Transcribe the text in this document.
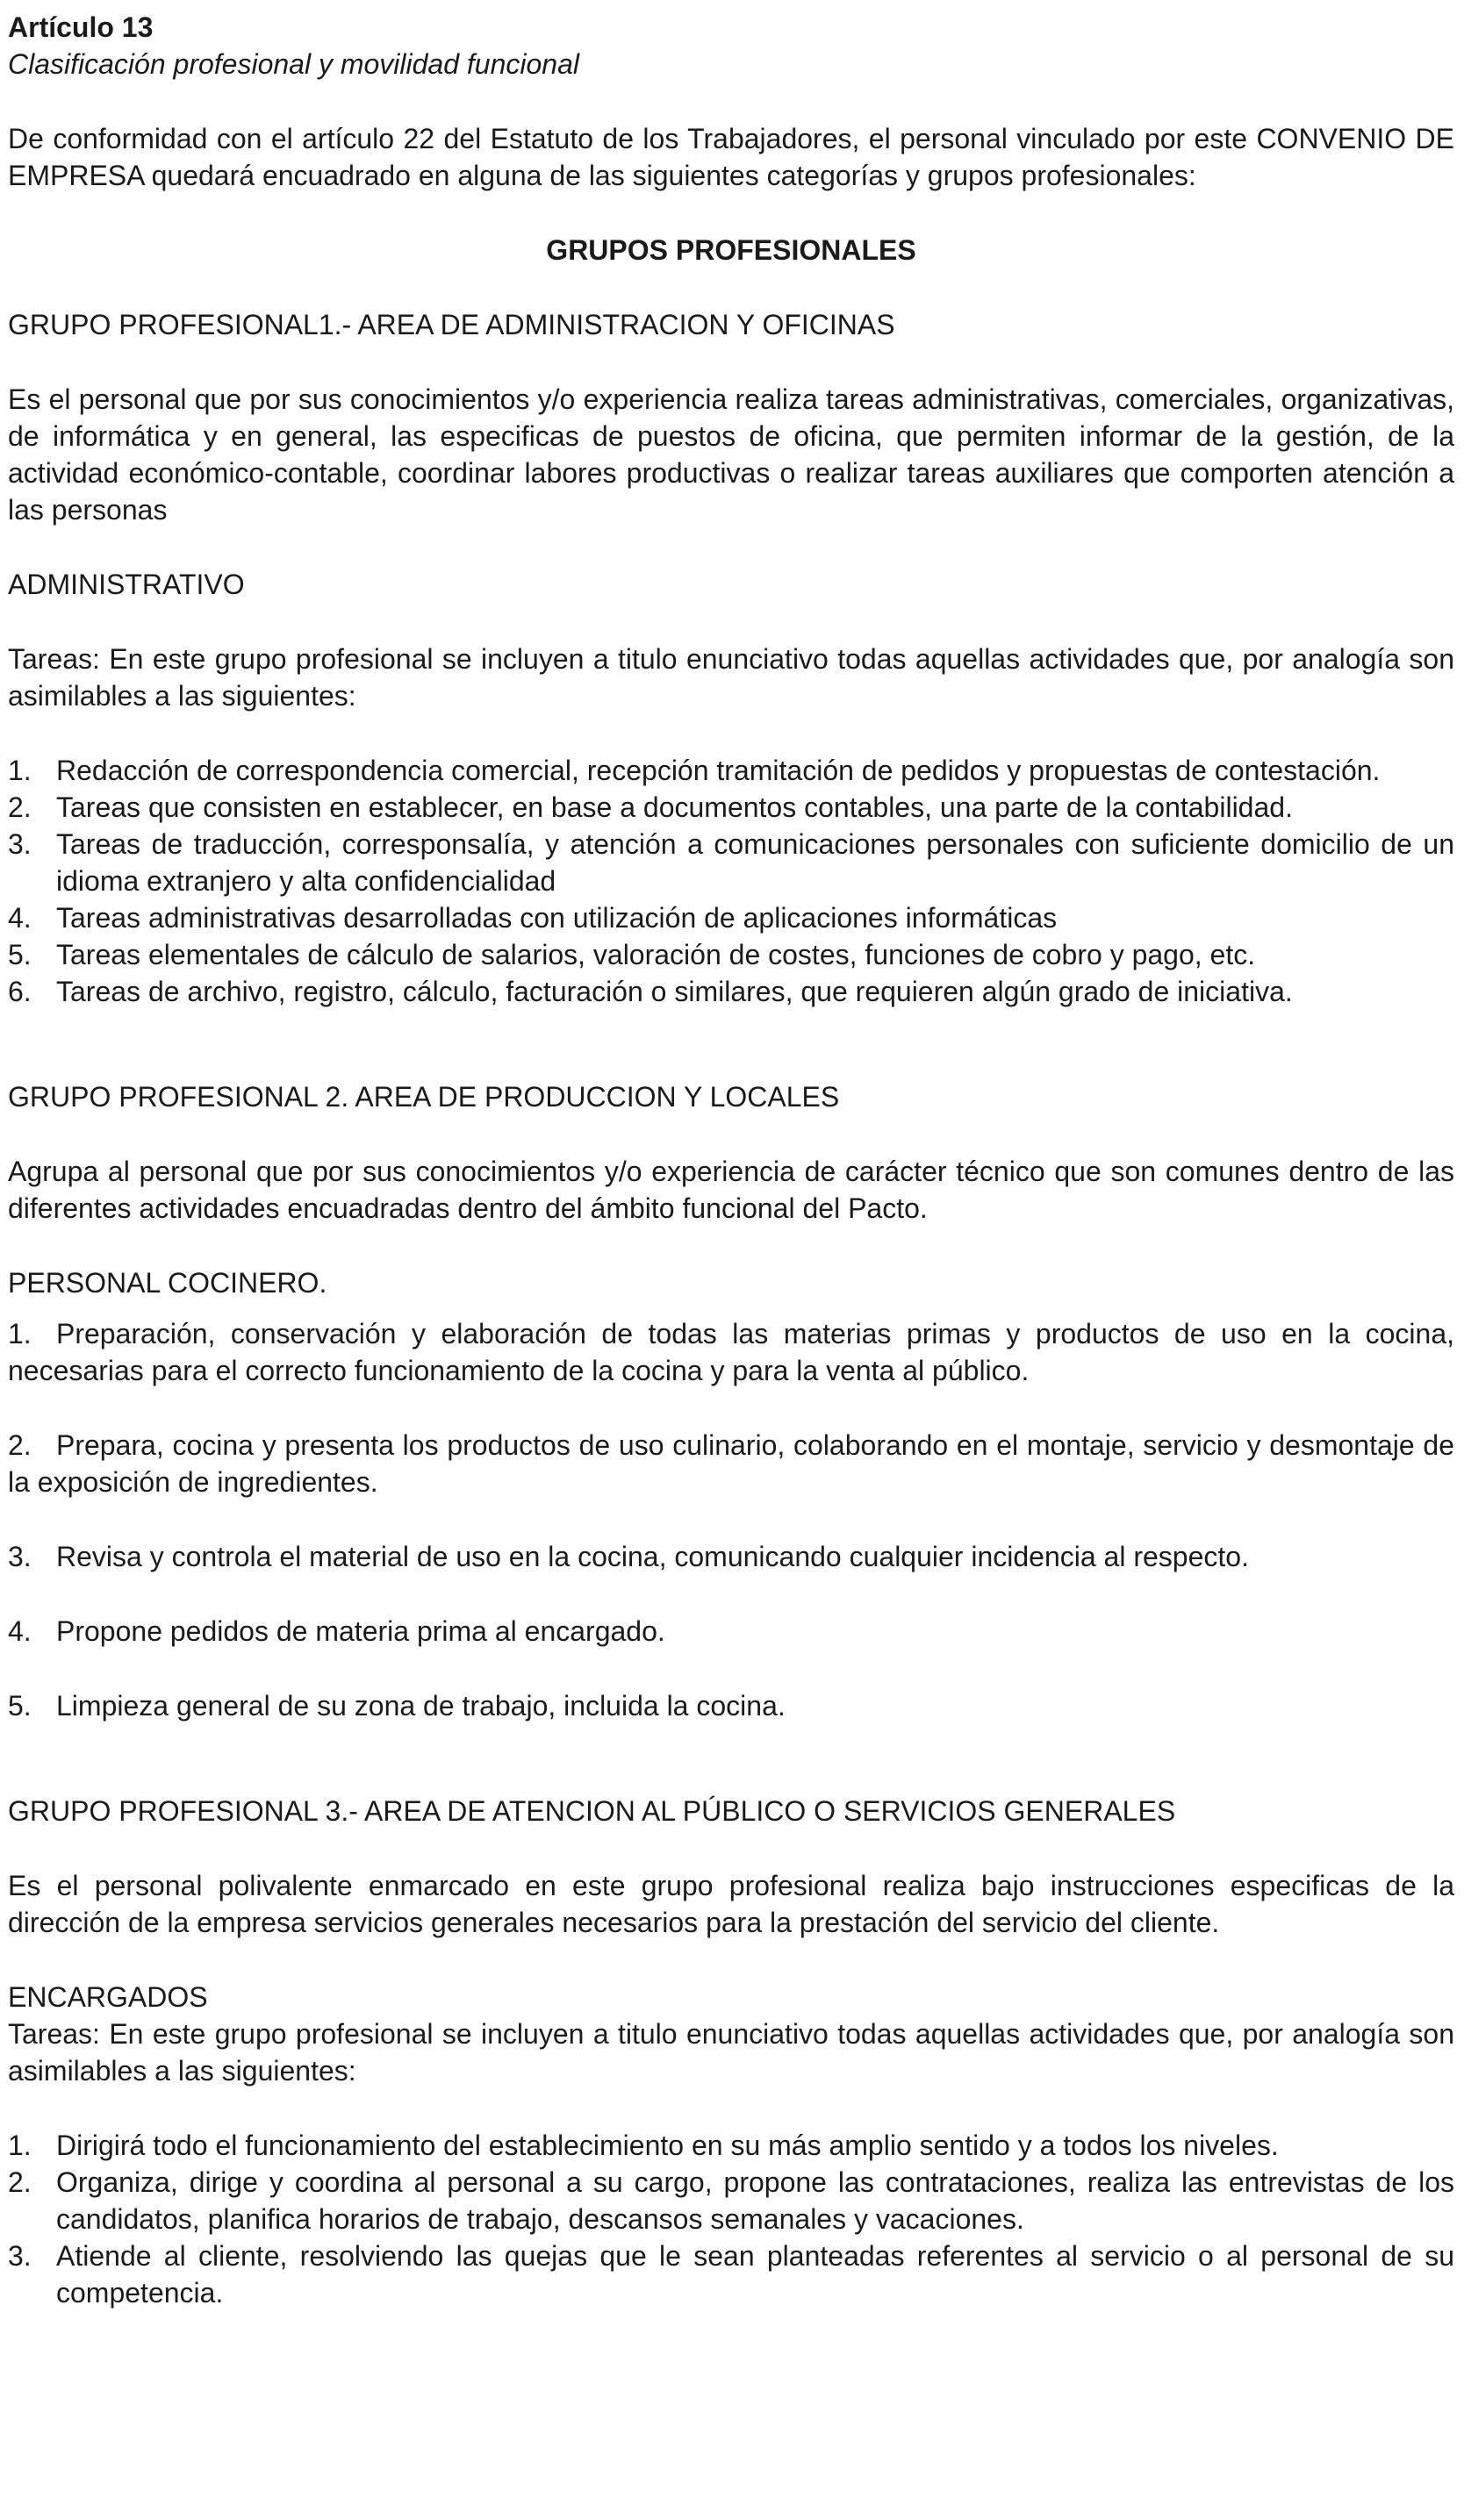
Artículo 13

Clasificación profesional y movilidad funcional

De conformidad con el artículo 22 del Estatuto de los Trabajadores, el personal vinculado por este CONVENIO DE EMPRESA quedará encuadrado en alguna de las siguientes categorías y grupos profesionales:

GRUPOS PROFESIONALES

GRUPO PROFESIONAL1.- AREA DE ADMINISTRACION Y OFICINAS

Es el personal que por sus conocimientos y/o experiencia realiza tareas administrativas, comerciales, organizativas, de informática y en general, las especificas de puestos de oficina, que permiten informar de la gestión, de la actividad económico-contable, coordinar labores productivas o realizar tareas auxiliares que comporten atención a las personas

ADMINISTRATIVO

Tareas: En este grupo profesional se incluyen a titulo enunciativo todas aquellas actividades que, por analogía son asimilables a las siguientes:

1. Redacción de correspondencia comercial, recepción tramitación de pedidos y propuestas de contestación.
2. Tareas que consisten en establecer, en base a documentos contables, una parte de la contabilidad.
3. Tareas de traducción, corresponsalía, y atención a comunicaciones personales con suficiente domicilio de un idioma extranjero y alta confidencialidad
4. Tareas administrativas desarrolladas con utilización de aplicaciones informáticas
5. Tareas elementales de cálculo de salarios, valoración de costes, funciones de cobro y pago, etc.
6. Tareas de archivo, registro, cálculo, facturación o similares, que requieren algún grado de iniciativa.

GRUPO PROFESIONAL 2. AREA DE PRODUCCION Y LOCALES

Agrupa al personal que por sus conocimientos y/o experiencia de carácter técnico que son comunes dentro de las diferentes actividades encuadradas dentro del ámbito funcional del Pacto.

PERSONAL COCINERO.

1. Preparación, conservación y elaboración de todas las materias primas y productos de uso en la cocina, necesarias para el correcto funcionamiento de la cocina y para la venta al público.

2. Prepara, cocina y presenta los productos de uso culinario, colaborando en el montaje, servicio y desmontaje de la exposición de ingredientes.

3. Revisa y controla el material de uso en la cocina, comunicando cualquier incidencia al respecto.

4. Propone pedidos de materia prima al encargado.

5. Limpieza general de su zona de trabajo, incluida la cocina.

GRUPO PROFESIONAL 3.- AREA DE ATENCION AL PÚBLICO O SERVICIOS GENERALES

Es el personal polivalente enmarcado en este grupo profesional realiza bajo instrucciones especificas de la dirección de la empresa servicios generales necesarios para la prestación del servicio del cliente.

ENCARGADOS

Tareas: En este grupo profesional se incluyen a titulo enunciativo todas aquellas actividades que, por analogía son asimilables a las siguientes:

1. Dirigirá todo el funcionamiento del establecimiento en su más amplio sentido y a todos los niveles.
2. Organiza, dirige y coordina al personal a su cargo, propone las contrataciones, realiza las entrevistas de los candidatos, planifica horarios de trabajo, descansos semanales y vacaciones.
3. Atiende al cliente, resolviendo las quejas que le sean planteadas referentes al servicio o al personal de su competencia.
